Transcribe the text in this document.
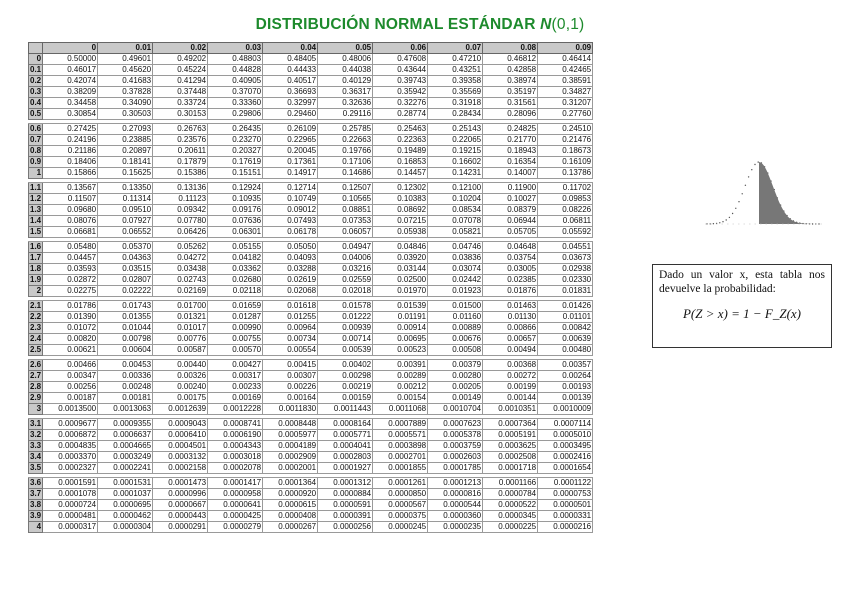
DISTRIBUCIÓN NORMAL ESTÁNDAR N(0,1)
	0	0.01	0.02	0.03	0.04	0.05	0.06	0.07	0.08	0.09
0	0.50000	0.49601	0.49202	0.48803	0.48405	0.48006	0.47608	0.47210	0.46812	0.46414
0.1	0.46017	0.45620	0.45224	0.44828	0.44433	0.44038	0.43644	0.43251	0.42858	0.42465
0.2	0.42074	0.41683	0.41294	0.40905	0.40517	0.40129	0.39743	0.39358	0.38974	0.38591
0.3	0.38209	0.37828	0.37448	0.37070	0.36693	0.36317	0.35942	0.35569	0.35197	0.34827
0.4	0.34458	0.34090	0.33724	0.33360	0.32997	0.32636	0.32276	0.31918	0.31561	0.31207
0.5	0.30854	0.30503	0.30153	0.29806	0.29460	0.29116	0.28774	0.28434	0.28096	0.27760

0.6	0.27425	0.27093	0.26763	0.26435	0.26109	0.25785	0.25463	0.25143	0.24825	0.24510
0.7	0.24196	0.23885	0.23576	0.23270	0.22965	0.22663	0.22363	0.22065	0.21770	0.21476
0.8	0.21186	0.20897	0.20611	0.20327	0.20045	0.19766	0.19489	0.19215	0.18943	0.18673
0.9	0.18406	0.18141	0.17879	0.17619	0.17361	0.17106	0.16853	0.16602	0.16354	0.16109
1	0.15866	0.15625	0.15386	0.15151	0.14917	0.14686	0.14457	0.14231	0.14007	0.13786

1.1	0.13567	0.13350	0.13136	0.12924	0.12714	0.12507	0.12302	0.12100	0.11900	0.11702
1.2	0.11507	0.11314	0.11123	0.10935	0.10749	0.10565	0.10383	0.10204	0.10027	0.09853
1.3	0.09680	0.09510	0.09342	0.09176	0.09012	0.08851	0.08692	0.08534	0.08379	0.08226
1.4	0.08076	0.07927	0.07780	0.07636	0.07493	0.07353	0.07215	0.07078	0.06944	0.06811
1.5	0.06681	0.06552	0.06426	0.06301	0.06178	0.06057	0.05938	0.05821	0.05705	0.05592

1.6	0.05480	0.05370	0.05262	0.05155	0.05050	0.04947	0.04846	0.04746	0.04648	0.04551
1.7	0.04457	0.04363	0.04272	0.04182	0.04093	0.04006	0.03920	0.03836	0.03754	0.03673
1.8	0.03593	0.03515	0.03438	0.03362	0.03288	0.03216	0.03144	0.03074	0.03005	0.02938
1.9	0.02872	0.02807	0.02743	0.02680	0.02619	0.02559	0.02500	0.02442	0.02385	0.02330
2	0.02275	0.02222	0.02169	0.02118	0.02068	0.02018	0.01970	0.01923	0.01876	0.01831

2.1	0.01786	0.01743	0.01700	0.01659	0.01618	0.01578	0.01539	0.01500	0.01463	0.01426
2.2	0.01390	0.01355	0.01321	0.01287	0.01255	0.01222	0.01191	0.01160	0.01130	0.01101
2.3	0.01072	0.01044	0.01017	0.00990	0.00964	0.00939	0.00914	0.00889	0.00866	0.00842
2.4	0.00820	0.00798	0.00776	0.00755	0.00734	0.00714	0.00695	0.00676	0.00657	0.00639
2.5	0.00621	0.00604	0.00587	0.00570	0.00554	0.00539	0.00523	0.00508	0.00494	0.00480

2.6	0.00466	0.00453	0.00440	0.00427	0.00415	0.00402	0.00391	0.00379	0.00368	0.00357
2.7	0.00347	0.00336	0.00326	0.00317	0.00307	0.00298	0.00289	0.00280	0.00272	0.00264
2.8	0.00256	0.00248	0.00240	0.00233	0.00226	0.00219	0.00212	0.00205	0.00199	0.00193
2.9	0.00187	0.00181	0.00175	0.00169	0.00164	0.00159	0.00154	0.00149	0.00144	0.00139
3	0.0013500	0.0013063	0.0012639	0.0012228	0.0011830	0.0011443	0.0011068	0.0010704	0.0010351	0.0010009

3.1	0.0009677	0.0009355	0.0009043	0.0008741	0.0008448	0.0008164	0.0007889	0.0007623	0.0007364	0.0007114
3.2	0.0006872	0.0006637	0.0006410	0.0006190	0.0005977	0.0005771	0.0005571	0.0005378	0.0005191	0.0005010
3.3	0.0004835	0.0004665	0.0004501	0.0004343	0.0004189	0.0004041	0.0003898	0.0003759	0.0003625	0.0003495
3.4	0.0003370	0.0003249	0.0003132	0.0003018	0.0002909	0.0002803	0.0002701	0.0002603	0.0002508	0.0002416
3.5	0.0002327	0.0002241	0.0002158	0.0002078	0.0002001	0.0001927	0.0001855	0.0001785	0.0001718	0.0001654

3.6	0.0001591	0.0001531	0.0001473	0.0001417	0.0001364	0.0001312	0.0001261	0.0001213	0.0001166	0.0001122
3.7	0.0001078	0.0001037	0.0000996	0.0000958	0.0000920	0.0000884	0.0000850	0.0000816	0.0000784	0.0000753
3.8	0.0000724	0.0000695	0.0000667	0.0000641	0.0000615	0.0000591	0.0000567	0.0000544	0.0000522	0.0000501
3.9	0.0000481	0.0000462	0.0000443	0.0000425	0.0000408	0.0000391	0.0000375	0.0000360	0.0000345	0.0000331
4	0.0000317	0.0000304	0.0000291	0.0000279	0.0000267	0.0000256	0.0000245	0.0000235	0.0000225	0.0000216
Dado un valor x, esta tabla nos devuelve la probabilidad:
P(Z > x) = 1 − F_Z(x)
